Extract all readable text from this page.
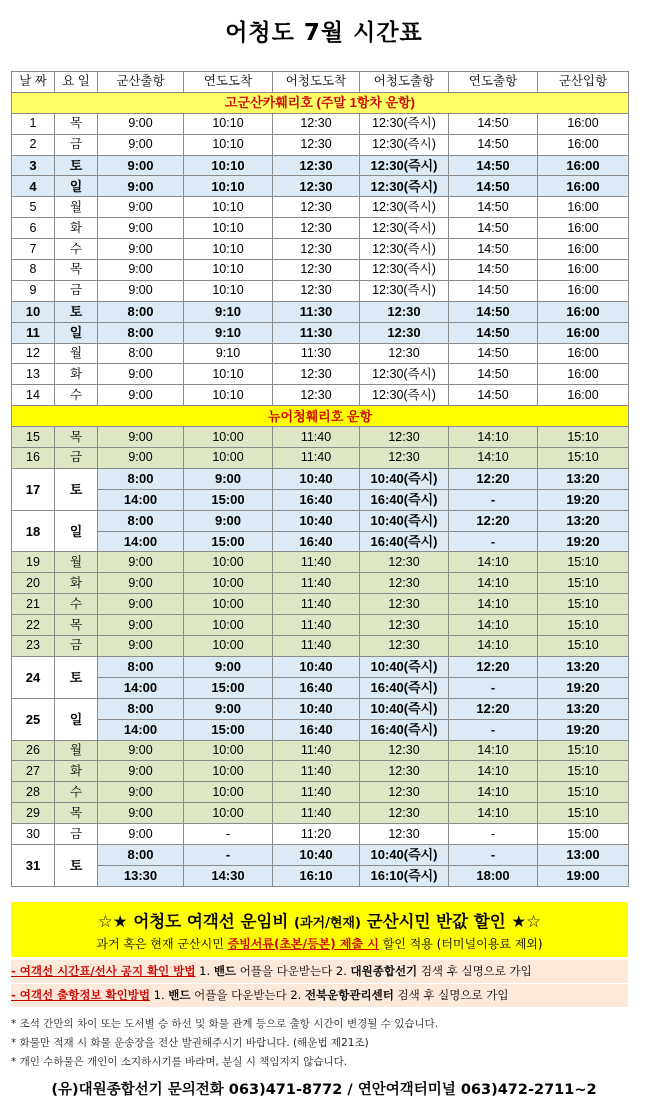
어청도 7월 시간표
날 짜	요 일	군산출항	연도도착	어청도도착	어청도출항	연도출항	군산입항
고군산카훼리호 (주말 1항차 운항)							
1	목	9:00	10:10	12:30	12:30(즉시)	14:50	16:00
2	금	9:00	10:10	12:30	12:30(즉시)	14:50	16:00
3	토	9:00	10:10	12:30	12:30(즉시)	14:50	16:00
4	일	9:00	10:10	12:30	12:30(즉시)	14:50	16:00
5	월	9:00	10:10	12:30	12:30(즉시)	14:50	16:00
6	화	9:00	10:10	12:30	12:30(즉시)	14:50	16:00
7	수	9:00	10:10	12:30	12:30(즉시)	14:50	16:00
8	목	9:00	10:10	12:30	12:30(즉시)	14:50	16:00
9	금	9:00	10:10	12:30	12:30(즉시)	14:50	16:00
10	토	8:00	9:10	11:30	12:30	14:50	16:00
11	일	8:00	9:10	11:30	12:30	14:50	16:00
12	월	8:00	9:10	11:30	12:30	14:50	16:00
13	화	9:00	10:10	12:30	12:30(즉시)	14:50	16:00
14	수	9:00	10:10	12:30	12:30(즉시)	14:50	16:00
뉴어청훼리호 운항							
15	목	9:00	10:00	11:40	12:30	14:10	15:10
16	금	9:00	10:00	11:40	12:30	14:10	15:10
17	토	8:00	9:00	10:40	10:40(즉시)	12:20	13:20
		14:00	15:00	16:40	16:40(즉시)	-	19:20
18	일	8:00	9:00	10:40	10:40(즉시)	12:20	13:20
		14:00	15:00	16:40	16:40(즉시)	-	19:20
19	월	9:00	10:00	11:40	12:30	14:10	15:10
20	화	9:00	10:00	11:40	12:30	14:10	15:10
21	수	9:00	10:00	11:40	12:30	14:10	15:10
22	목	9:00	10:00	11:40	12:30	14:10	15:10
23	금	9:00	10:00	11:40	12:30	14:10	15:10
24	토	8:00	9:00	10:40	10:40(즉시)	12:20	13:20
		14:00	15:00	16:40	16:40(즉시)	-	19:20
25	일	8:00	9:00	10:40	10:40(즉시)	12:20	13:20
		14:00	15:00	16:40	16:40(즉시)	-	19:20
26	월	9:00	10:00	11:40	12:30	14:10	15:10
27	화	9:00	10:00	11:40	12:30	14:10	15:10
28	수	9:00	10:00	11:40	12:30	14:10	15:10
29	목	9:00	10:00	11:40	12:30	14:10	15:10
30	금	9:00	-	11:20	12:30	-	15:00
31	토	8:00	-	10:40	10:40(즉시)	-	13:00
		13:30	14:30	16:10	16:10(즉시)	18:00	19:00
☆★ 어청도 여객선 운임비 (과거/현재) 군산시민 반값 할인 ★☆
과거 혹은 현재 군산시민 증빙서류(초본/등본) 제출 시 할인 적용 (터미널이용료 제외)
- 여객선 시간표/선사 공지 확인 방법 1. 밴드 어플을 다운받는다 2. 대원종합선기 검색 후 실명으로 가입
- 여객선 출항정보 확인방법 1. 밴드 어플을 다운받는다 2. 전북운항관리센터 검색 후 실명으로 가입
* 조석 간만의 차이 또는 도서별 승 하선 및 화물 관계 등으로 출항 시간이 변경될 수 있습니다.
* 화물만 적재 시 화물 운송장을 전산 발권해주시기 바랍니다. (해운법 제21조)
* 개인 수하물은 개인이 소지하시기를 바라며, 분실 시 책임지지 않습니다.
(유)대원종합선기 문의전화 063)471-8772 / 연안여객터미널 063)472-2711~2
